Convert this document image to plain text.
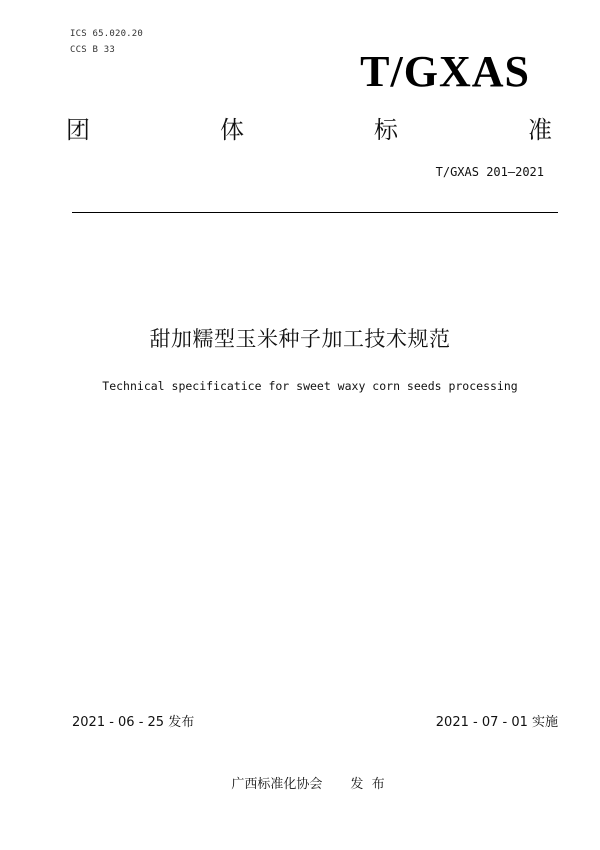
ICS 65.020.20
CCS B 33	T/GXAS
团	体	标	准
T/GXAS 201—2021
甜加糯型玉米种子加工技术规范
Technical specificatice for sweet waxy corn seeds processing
2021 - 06 - 25 发布	2021 - 07 - 01 实施
广西标准化协会 发  布
